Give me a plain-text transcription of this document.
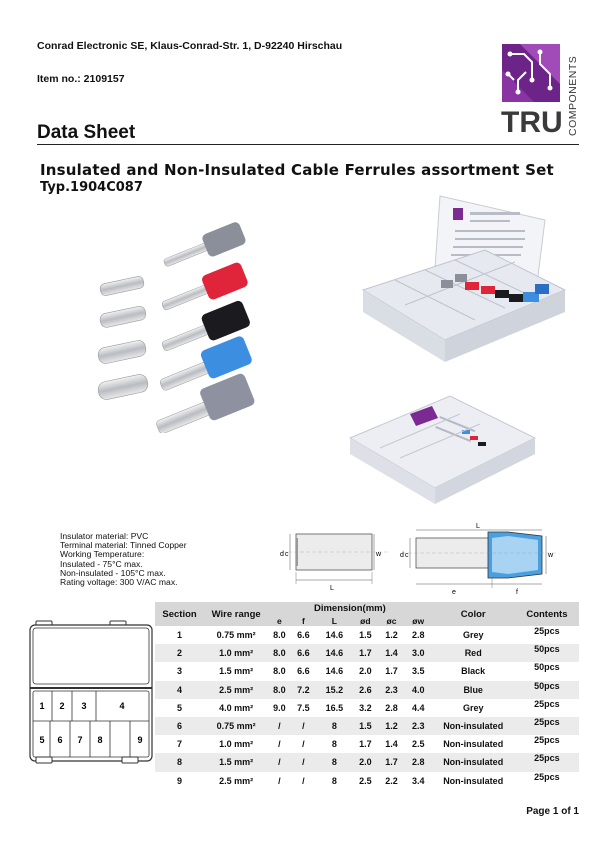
Conrad Electronic SE, Klaus-Conrad-Str. 1, D-92240 Hirschau
Item no.: 2109157
TRU COMPONENTS
Data Sheet
Insulated and Non-Insulated Cable Ferrules assortment Set
Typ.1904C087
Insulator material: PVC
Terminal material: Tinned Copper
Working Temperature:
Insulated - 75°C max.
Non-insulated - 105°C max.
Rating voltage: 300 V/AC max.
d c	w
L
L
d c	w
e	f
1 2 3	4
5 6 7 8	9
Section	Wire range	Dimension(mm)						Color	Contents
		e	f	L	ød	øc	øw		
1	0.75 mm²	8.0	6.6	14.6	1.5	1.2	2.8	Grey	25pcs
2	1.0 mm²	8.0	6.6	14.6	1.7	1.4	3.0	Red	50pcs
3	1.5 mm²	8.0	6.6	14.6	2.0	1.7	3.5	Black	50pcs
4	2.5 mm²	8.0	7.2	15.2	2.6	2.3	4.0	Blue	50pcs
5	4.0 mm²	9.0	7.5	16.5	3.2	2.8	4.4	Grey	25pcs
6	0.75 mm²	/	/	8	1.5	1.2	2.3	Non-insulated	25pcs
7	1.0 mm²	/	/	8	1.7	1.4	2.5	Non-insulated	25pcs
8	1.5 mm²	/	/	8	2.0	1.7	2.8	Non-insulated	25pcs
9	2.5 mm²	/	/	8	2.5	2.2	3.4	Non-insulated	25pcs
Page 1 of 1
